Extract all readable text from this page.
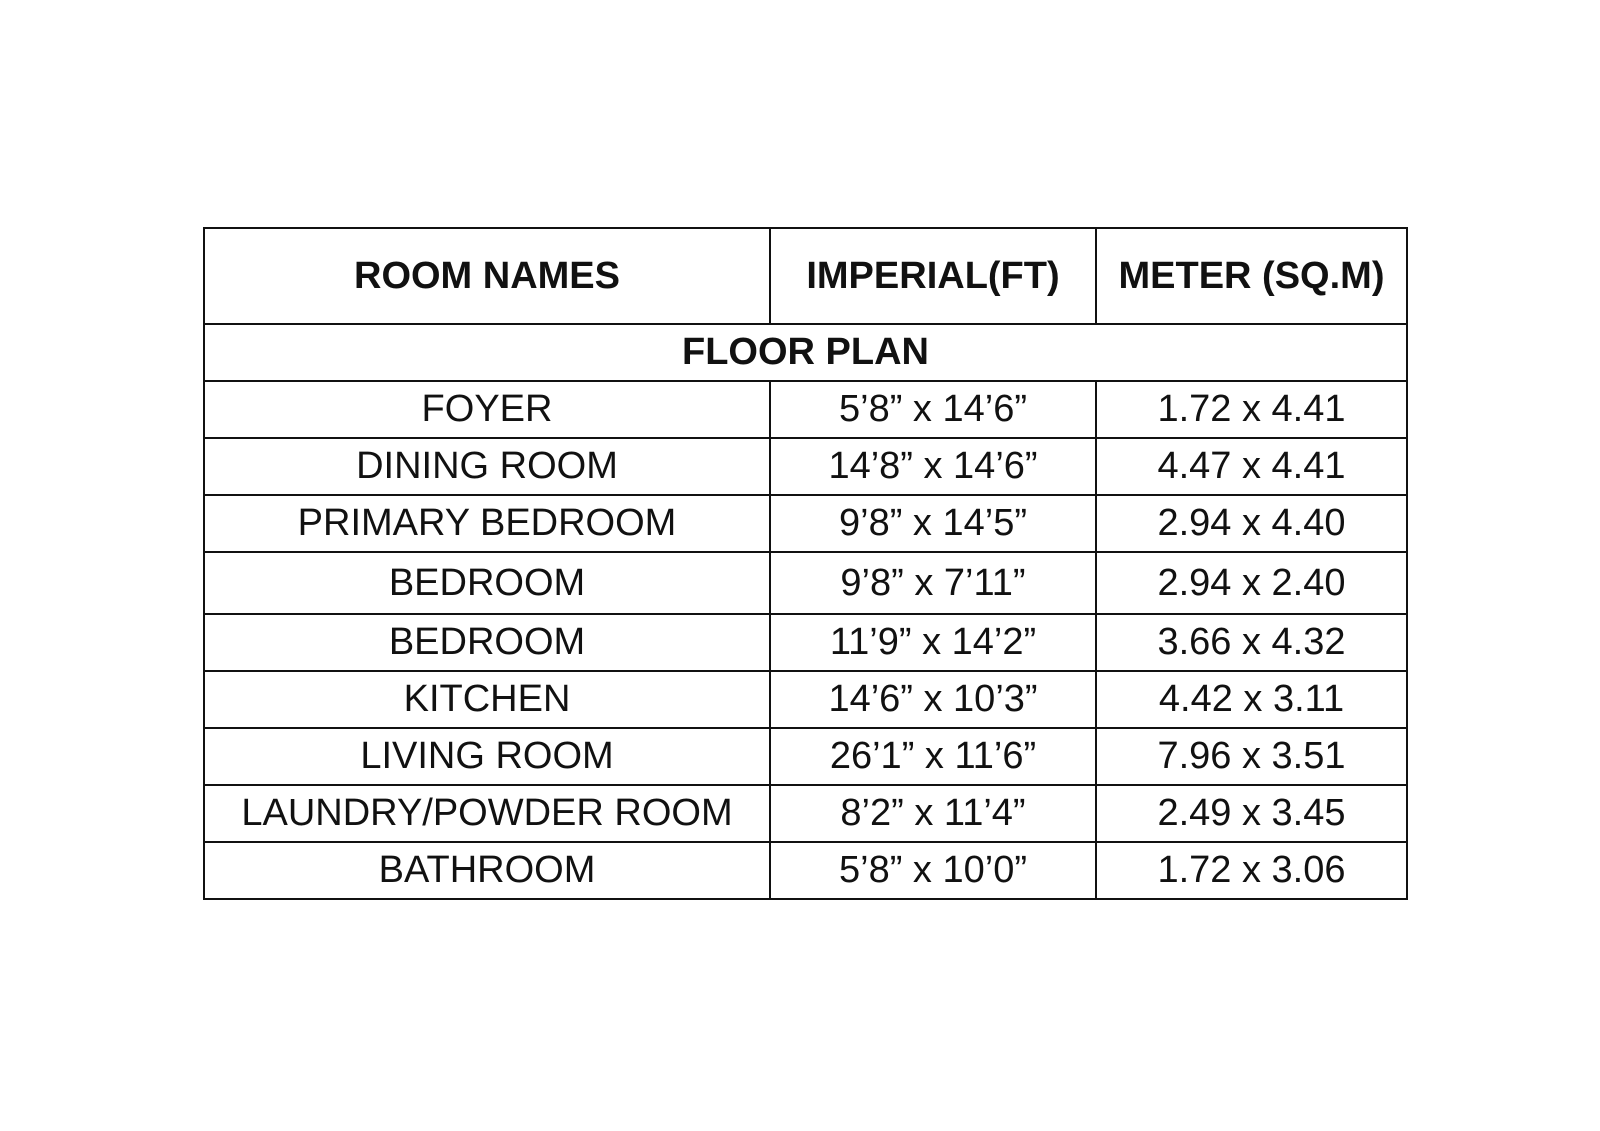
ROOM NAMES	IMPERIAL(FT)	METER (SQ.M)
FLOOR PLAN		
FOYER	5’8” x 14’6”	1.72 x 4.41
DINING ROOM	14’8” x 14’6”	4.47 x 4.41
PRIMARY BEDROOM	9’8” x 14’5”	2.94 x 4.40
BEDROOM	9’8” x 7’11”	2.94 x 2.40
BEDROOM	11’9” x 14’2”	3.66 x 4.32
KITCHEN	14’6” x 10’3”	4.42 x 3.11
LIVING ROOM	26’1” x 11’6”	7.96 x 3.51
LAUNDRY/POWDER ROOM	8’2” x 11’4”	2.49 x 3.45
BATHROOM	5’8” x 10’0”	1.72 x 3.06
